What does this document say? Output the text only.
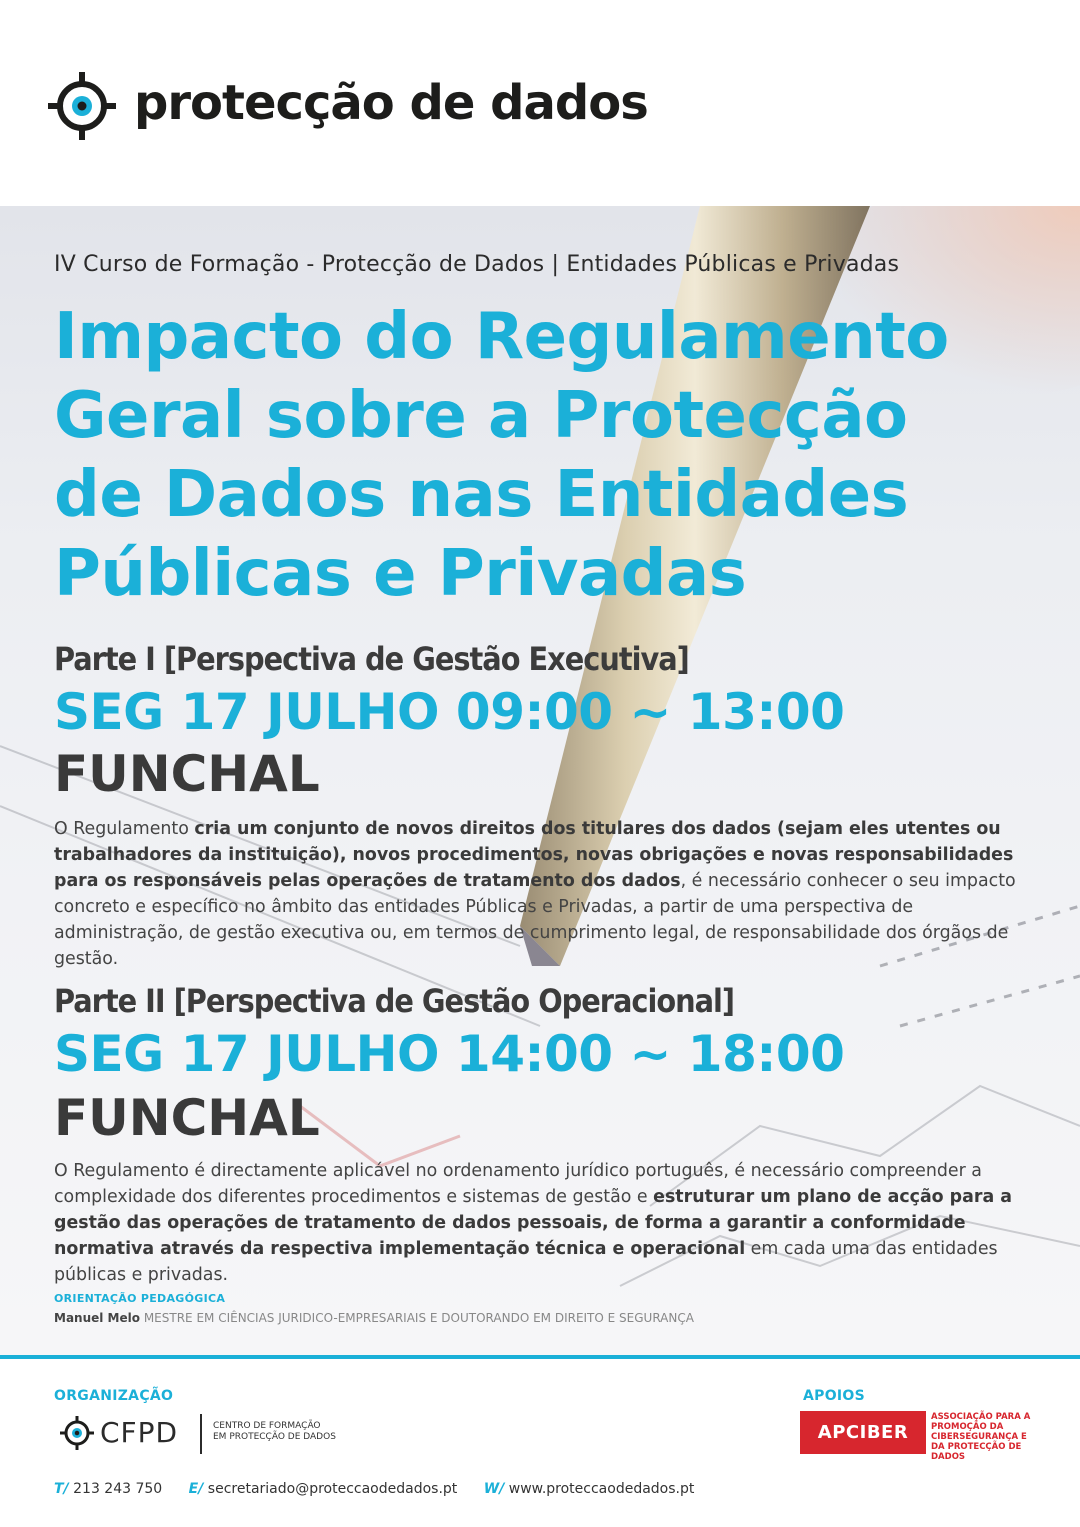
protecção de dados
IV Curso de Formação - Protecção de Dados | Entidades Públicas e Privadas
Impacto do Regulamento
Geral sobre a Protecção
de Dados nas Entidades
Públicas e Privadas
Parte I [Perspectiva de Gestão Executiva]
SEG 17 JULHO 09:00 ~ 13:00
FUNCHAL
O Regulamento cria um conjunto de novos direitos dos titulares dos dados (sejam eles utentes ou trabalhadores da instituição), novos procedimentos, novas obrigações e novas responsabilidades para os responsáveis pelas operações de tratamento dos dados, é necessário conhecer o seu impacto concreto e específico no âmbito das entidades Públicas e Privadas, a partir de uma perspectiva de administração, de gestão executiva ou, em termos de cumprimento legal, de responsabilidade dos órgãos de gestão.
Parte II [Perspectiva de Gestão Operacional]
SEG 17 JULHO 14:00 ~ 18:00
FUNCHAL
O Regulamento é directamente aplicável no ordenamento jurídico português, é necessário compreender a complexidade dos diferentes procedimentos e sistemas de gestão e estruturar um plano de acção para a gestão das operações de tratamento de dados pessoais, de forma a garantir a conformidade normativa através da respectiva implementação técnica e operacional em cada uma das entidades públicas e privadas.
ORIENTAÇÃO PEDAGÓGICA
Manuel Melo MESTRE EM CIÊNCIAS JURIDICO-EMPRESARIAIS E DOUTORANDO EM DIREITO E SEGURANÇA
ORGANIZAÇÃO
CFPD	CENTRO DE FORMAÇÃO
EM PROTECÇÃO DE DADOS
APOIOS
APCIBER
ASSOCIAÇÃO PARA A PROMOÇÃO DA CIBERSEGURANÇA E DA PROTECÇÃO DE DADOS
T/ 213 243 750 E/ secretariado@proteccaodedados.pt W/ www.proteccaodedados.pt
